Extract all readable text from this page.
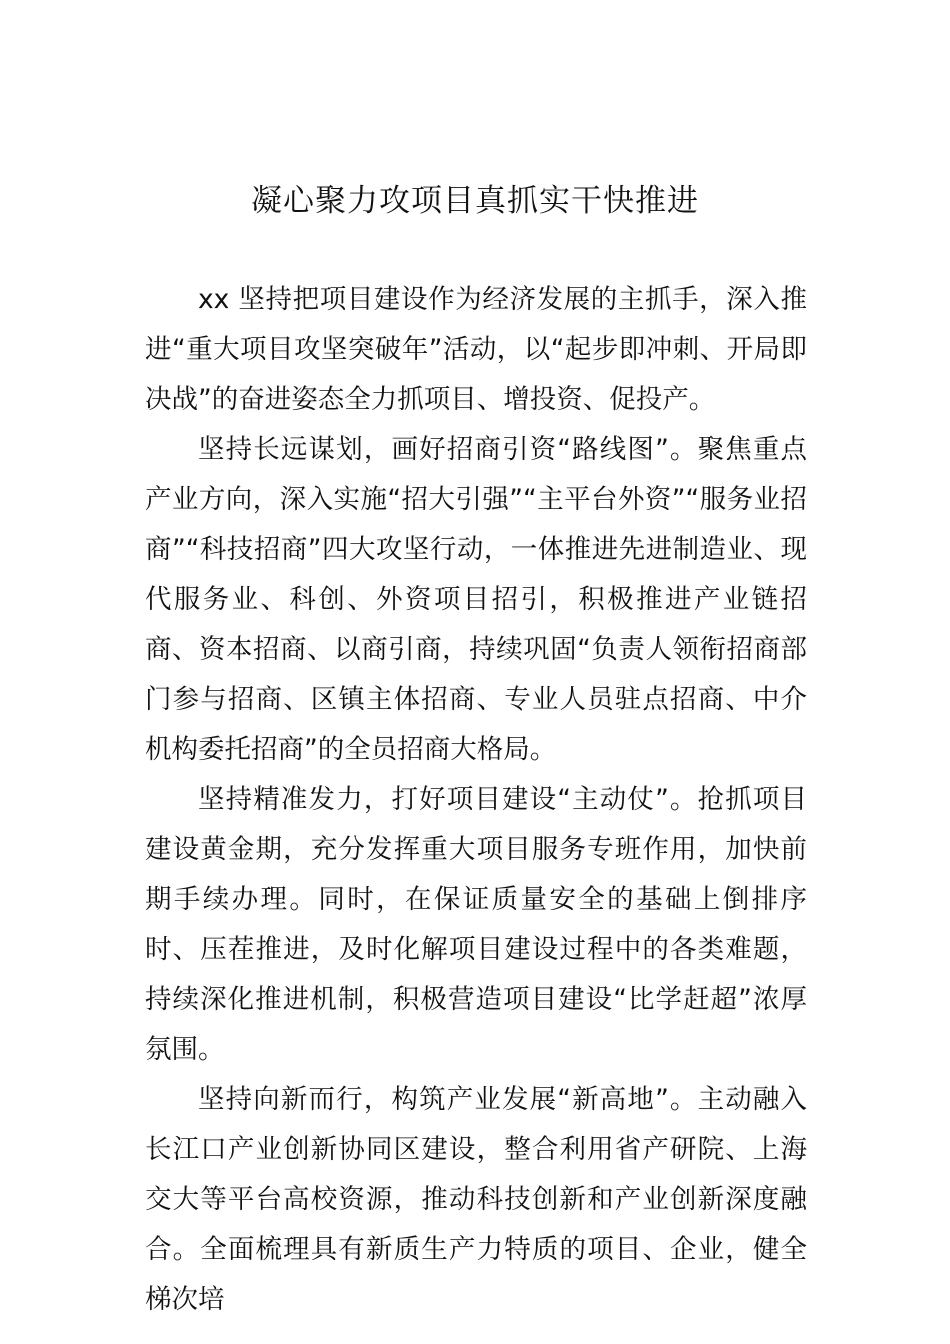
凝心聚力攻项目真抓实干快推进

xx 坚持把项目建设作为经济发展的主抓手，深入推进“重大项目攻坚突破年”活动，以“起步即冲刺、开局即决战”的奋进姿态全力抓项目、增投资、促投产。

坚持长远谋划，画好招商引资“路线图”。聚焦重点产业方向，深入实施“招大引强”“主平台外资”“服务业招商”“科技招商”四大攻坚行动，一体推进先进制造业、现代服务业、科创、外资项目招引，积极推进产业链招商、资本招商、以商引商，持续巩固“负责人领衔招商部门参与招商、区镇主体招商、专业人员驻点招商、中介机构委托招商”的全员招商大格局。

坚持精准发力，打好项目建设“主动仗”。抢抓项目建设黄金期，充分发挥重大项目服务专班作用，加快前期手续办理。同时，在保证质量安全的基础上倒排序时、压茬推进，及时化解项目建设过程中的各类难题，持续深化推进机制，积极营造项目建设“比学赶超”浓厚氛围。

坚持向新而行，构筑产业发展“新高地”。主动融入长江口产业创新协同区建设，整合利用省产研院、上海交大等平台高校资源，推动科技创新和产业创新深度融合。全面梳理具有新质生产力特质的项目、企业，健全梯次培
